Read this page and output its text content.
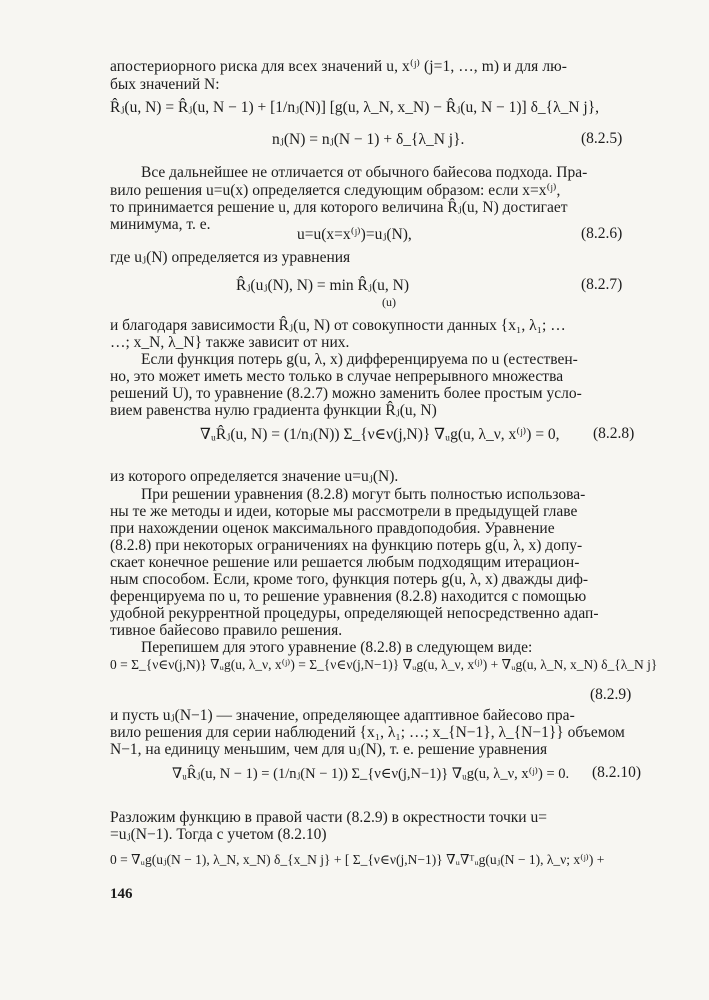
апостериорного риска для всех значений u, x⁽ʲ⁾ (j=1, …, m) и для лю-
бых значений N:
R̂ⱼ(u, N) = R̂ⱼ(u, N − 1) + [1/nⱼ(N)] [g(u, λ_N, x_N) − R̂ⱼ(u, N − 1)] δ_{λ_N j},
nⱼ(N) = nⱼ(N − 1) + δ_{λ_N j}.	(8.2.5)
Все дальнейшее не отличается от обычного байесова подхода. Пра-
вило решения u=u(x) определяется следующим образом: если x=x⁽ʲ⁾,
то принимается решение u, для которого величина R̂ⱼ(u, N) достигает
минимума, т. е.
u=u(x=x⁽ʲ⁾)=uⱼ(N),	(8.2.6)
где uⱼ(N) определяется из уравнения
R̂ⱼ(uⱼ(N), N) = min R̂ⱼ(u, N)
(u)
(8.2.7)
и благодаря зависимости R̂ⱼ(u, N) от совокупности данных {x₁, λ₁; …
…; x_N, λ_N} также зависит от них.
Если функция потерь g(u, λ, x) дифференцируема по u (естествен-
но, это может иметь место только в случае непрерывного множества
решений U), то уравнение (8.2.7) можно заменить более простым усло-
вием равенства нулю градиента функции R̂ⱼ(u, N)
∇ᵤR̂ⱼ(u, N) = (1/nⱼ(N)) Σ_{ν∈ν(j,N)} ∇ᵤg(u, λ_ν, x⁽ʲ⁾) = 0, (8.2.8)
из которого определяется значение u=uⱼ(N).
При решении уравнения (8.2.8) могут быть полностью использова-
ны те же методы и идеи, которые мы рассмотрели в предыдущей главе
при нахождении оценок максимального правдоподобия. Уравнение
(8.2.8) при некоторых ограничениях на функцию потерь g(u, λ, x) допу-
скает конечное решение или решается любым подходящим итерацион-
ным способом. Если, кроме того, функция потерь g(u, λ, x) дважды диф-
ференцируема по u, то решение уравнения (8.2.8) находится с помощью
удобной рекуррентной процедуры, определяющей непосредственно адап-
тивное байесово правило решения.
Перепишем для этого уравнение (8.2.8) в следующем виде:
0 = Σ_{ν∈ν(j,N)} ∇ᵤg(u, λ_ν, x⁽ʲ⁾) = Σ_{ν∈ν(j,N−1)} ∇ᵤg(u, λ_ν, x⁽ʲ⁾) + ∇ᵤg(u, λ_N, x_N) δ_{λ_N j}
(8.2.9)
и пусть uⱼ(N−1) — значение, определяющее адаптивное байесово пра-
вило решения для серии наблюдений {x₁, λ₁; …; x_{N−1}, λ_{N−1}} объемом
N−1, на единицу меньшим, чем для uⱼ(N), т. е. решение уравнения
∇ᵤR̂ⱼ(u, N − 1) = (1/nⱼ(N − 1)) Σ_{ν∈ν(j,N−1)} ∇ᵤg(u, λ_ν, x⁽ʲ⁾) = 0. (8.2.10)
Разложим функцию в правой части (8.2.9) в окрестности точки u=
=uⱼ(N−1). Тогда с учетом (8.2.10)
0 = ∇ᵤg(uⱼ(N − 1), λ_N, x_N) δ_{x_N j} + [ Σ_{ν∈ν(j,N−1)} ∇ᵤ∇ᵀᵤg(uⱼ(N − 1), λ_ν; x⁽ʲ⁾) +
146
